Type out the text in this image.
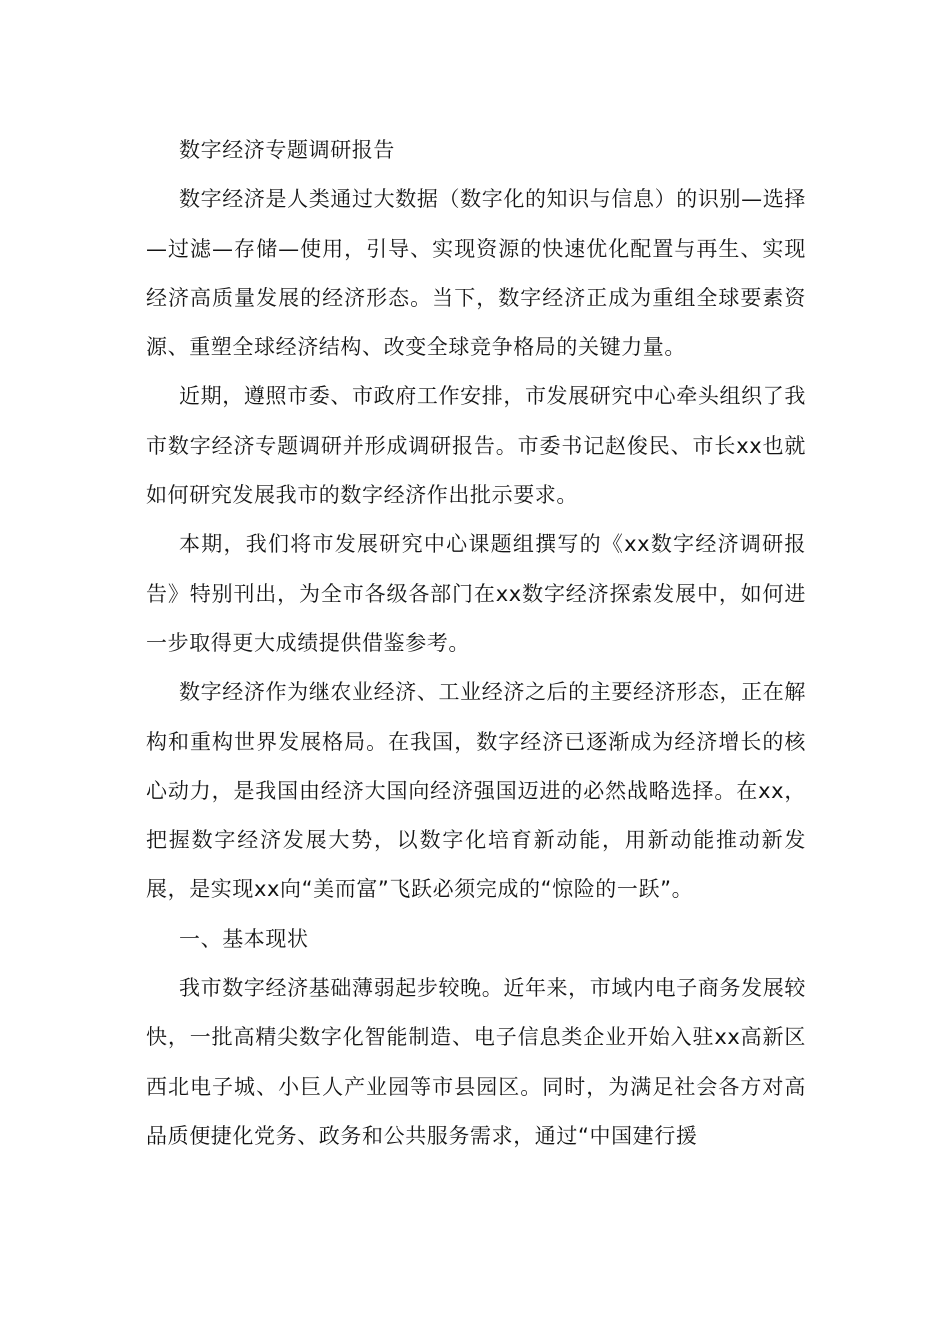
数字经济专题调研报告

数字经济是人类通过大数据（数字化的知识与信息）的识别—选择—过滤—存储—使用，引导、实现资源的快速优化配置与再生、实现经济高质量发展的经济形态。当下，数字经济正成为重组全球要素资源、重塑全球经济结构、改变全球竞争格局的关键力量。

近期，遵照市委、市政府工作安排，市发展研究中心牵头组织了我市数字经济专题调研并形成调研报告。市委书记赵俊民、市长xx也就如何研究发展我市的数字经济作出批示要求。

本期，我们将市发展研究中心课题组撰写的《xx数字经济调研报告》特别刊出，为全市各级各部门在xx数字经济探索发展中，如何进一步取得更大成绩提供借鉴参考。

数字经济作为继农业经济、工业经济之后的主要经济形态，正在解构和重构世界发展格局。在我国，数字经济已逐渐成为经济增长的核心动力，是我国由经济大国向经济强国迈进的必然战略选择。在xx，把握数字经济发展大势，以数字化培育新动能，用新动能推动新发展，是实现xx向“美而富”飞跃必须完成的“惊险的一跃”。

一、基本现状

我市数字经济基础薄弱起步较晚。近年来，市域内电子商务发展较快，一批高精尖数字化智能制造、电子信息类企业开始入驻xx高新区西北电子城、小巨人产业园等市县园区。同时，为满足社会各方对高品质便捷化党务、政务和公共服务需求，通过“中国建行援
